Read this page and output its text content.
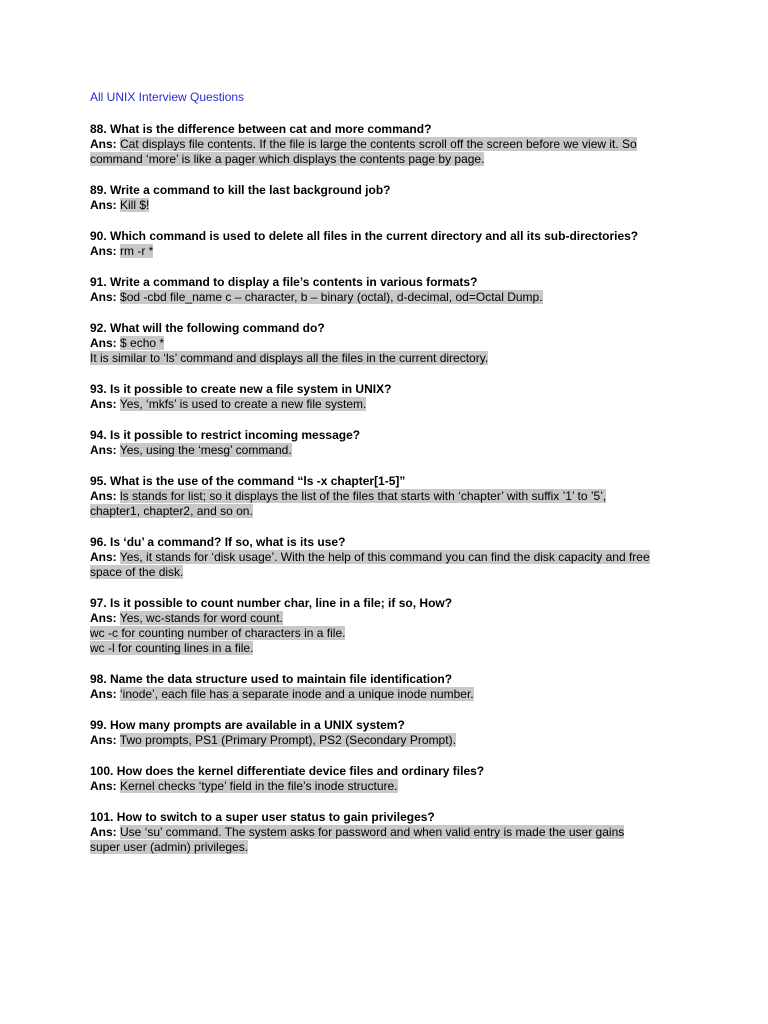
All UNIX Interview Questions
88. What is the difference between cat and more command?
Ans: Cat displays file contents. If the file is large the contents scroll off the screen before we view it. So
command ‘more’ is like a pager which displays the contents page by page.
89. Write a command to kill the last background job?
Ans: Kill $!
90. Which command is used to delete all files in the current directory and all its sub-directories?
Ans: rm -r *
91. Write a command to display a file’s contents in various formats?
Ans: $od -cbd file_name c – character, b – binary (octal), d-decimal, od=Octal Dump.
92. What will the following command do?
Ans: $ echo *
It is similar to ‘ls’ command and displays all the files in the current directory.
93. Is it possible to create new a file system in UNIX?
Ans: Yes, ‘mkfs’ is used to create a new file system.
94. Is it possible to restrict incoming message?
Ans: Yes, using the ‘mesg’ command.
95. What is the use of the command “ls -x chapter[1-5]”
Ans: ls stands for list; so it displays the list of the files that starts with ‘chapter’ with suffix ’1’ to ’5’,
chapter1, chapter2, and so on.
96. Is ‘du’ a command? If so, what is its use?
Ans: Yes, it stands for ‘disk usage’. With the help of this command you can find the disk capacity and free
space of the disk.
97. Is it possible to count number char, line in a file; if so, How?
Ans: Yes, wc-stands for word count.
wc -c for counting number of characters in a file.
wc -l for counting lines in a file.
98. Name the data structure used to maintain file identification?
Ans: ‘inode’, each file has a separate inode and a unique inode number.
99. How many prompts are available in a UNIX system?
Ans: Two prompts, PS1 (Primary Prompt), PS2 (Secondary Prompt).
100. How does the kernel differentiate device files and ordinary files?
Ans: Kernel checks ‘type’ field in the file’s inode structure.
101. How to switch to a super user status to gain privileges?
Ans: Use ‘su’ command. The system asks for password and when valid entry is made the user gains
super user (admin) privileges.
